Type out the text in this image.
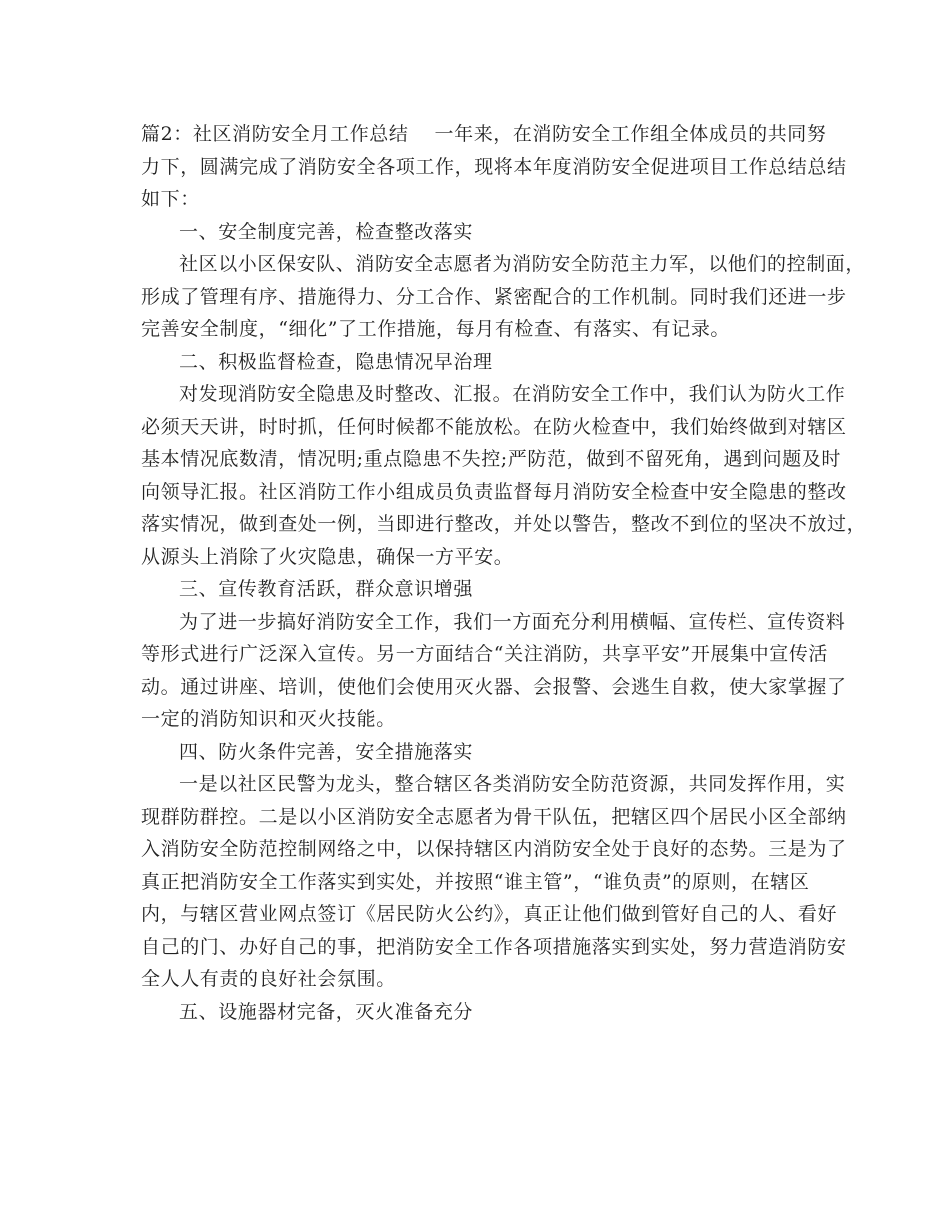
篇2：社区消防安全月工作总结 一年来，在消防安全工作组全体成员的共同努
力下，圆满完成了消防安全各项工作，现将本年度消防安全促进项目工作总结总结
如下：
一、安全制度完善，检查整改落实
社区以小区保安队、消防安全志愿者为消防安全防范主力军，以他们的控制面，
形成了管理有序、措施得力、分工合作、紧密配合的工作机制。同时我们还进一步
完善安全制度，“细化”了工作措施，每月有检查、有落实、有记录。
二、积极监督检查，隐患情况早治理
对发现消防安全隐患及时整改、汇报。在消防安全工作中，我们认为防火工作
必须天天讲，时时抓，任何时候都不能放松。在防火检查中，我们始终做到对辖区
基本情况底数清，情况明;重点隐患不失控;严防范，做到不留死角，遇到问题及时
向领导汇报。社区消防工作小组成员负责监督每月消防安全检查中安全隐患的整改
落实情况，做到查处一例，当即进行整改，并处以警告，整改不到位的坚决不放过，
从源头上消除了火灾隐患，确保一方平安。
三、宣传教育活跃，群众意识增强
为了进一步搞好消防安全工作，我们一方面充分利用横幅、宣传栏、宣传资料
等形式进行广泛深入宣传。另一方面结合“关注消防，共享平安”开展集中宣传活
动。通过讲座、培训，使他们会使用灭火器、会报警、会逃生自救，使大家掌握了
一定的消防知识和灭火技能。
四、防火条件完善，安全措施落实
一是以社区民警为龙头，整合辖区各类消防安全防范资源，共同发挥作用，实
现群防群控。二是以小区消防安全志愿者为骨干队伍，把辖区四个居民小区全部纳
入消防安全防范控制网络之中，以保持辖区内消防安全处于良好的态势。三是为了
真正把消防安全工作落实到实处，并按照“谁主管”，“谁负责”的原则，在辖区
内，与辖区营业网点签订《居民防火公约》，真正让他们做到管好自己的人、看好
自己的门、办好自己的事，把消防安全工作各项措施落实到实处，努力营造消防安
全人人有责的良好社会氛围。
五、设施器材完备，灭火准备充分
